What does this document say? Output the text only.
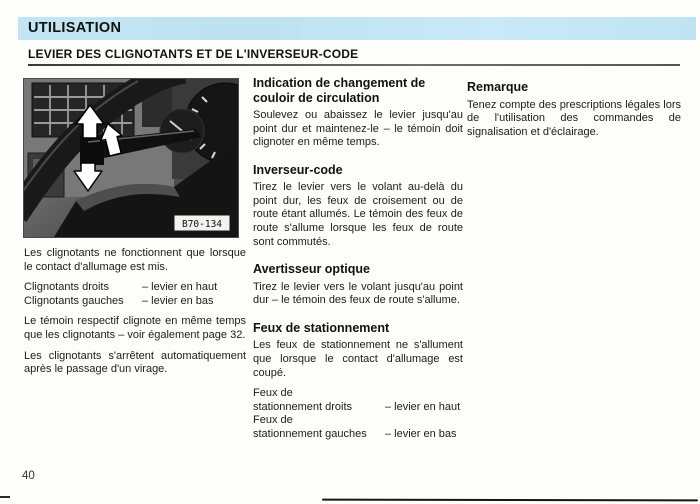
UTILISATION
LEVIER DES CLIGNOTANTS ET DE L'INVERSEUR-CODE
B70-134

Les clignotants ne fonctionnent que lorsque le contact d'allumage est mis.

Clignotants droits	– levier en haut
Clignotants gauches	– levier en bas

Le témoin respectif clignote en même temps que les clignotants – voir également page 32.

Les clignotants s'arrêtent automatiquement après le passage d'un virage.

Indication de changement de couloir de circulation

Soulevez ou abaissez le levier jusqu'au point dur et maintenez-le – le témoin doit clignoter en même temps.

Inverseur-code

Tirez le levier vers le volant au-delà du point dur, les feux de croisement ou de route étant allumés. Le témoin des feux de route s'allume lorsque les feux de route sont commutés.

Avertisseur optique

Tirez le levier vers le volant jusqu'au point dur – le témoin des feux de route s'allume.

Feux de stationnement

Les feux de stationnement ne s'allument que lorsque le contact d'allumage est coupé.

Feux de
stationnement droits	– levier en haut
Feux de
stationnement gauches	– levier en bas
Remarque

Tenez compte des prescriptions légales lors de l'utilisation des commandes de signalisation et d'éclairage.

40
